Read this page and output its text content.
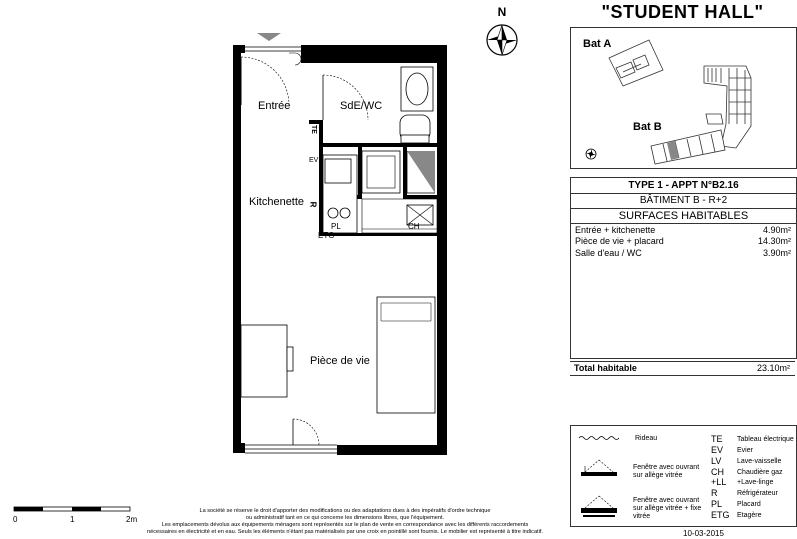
"STUDENT HALL"
N
Bat A
Bat B
TYPE 1 - APPT N°B2.16
BÂTIMENT B - R+2
SURFACES HABITABLES
Entrée + kitchenette	4.90m²
Pièce de vie + placard	14.30m²
Salle d'eau / WC	3.90m²
Total habitable	23.10m²
Rideau
Fenêtre avec ouvrant sur allège vitrée
Fenêtre avec ouvrant sur allège vitrée + fixe vitrée
TE Tableau électrique
EV Evier
LV Lave-vaisselle
CH Chaudière gaz
+LL +Lave-linge
R	Réfrigérateur
PL Placard
ETG Etagère
Entrée	SdE/WC
Kitchenette
Pièce de vie
TE
EV
R
PL	CH
ETG
0	1	2m
La société se réserve le droit d'apporter des modifications ou des adaptations dues à des impératifs d'ordre technique
ou administratif tant en ce qui concerne les dimensions libres, que l'équipement.
Les emplacements dévolus aux équipements ménagers sont représentés sur le plan de vente en correspondance avec les différents raccordements
nécessaires en électricité et en eau. Seuls les éléments n'étant pas matérialisés par une croix en pointillé sont fournis. Le mobilier est représenté à titre indicatif.	10-03-2015
